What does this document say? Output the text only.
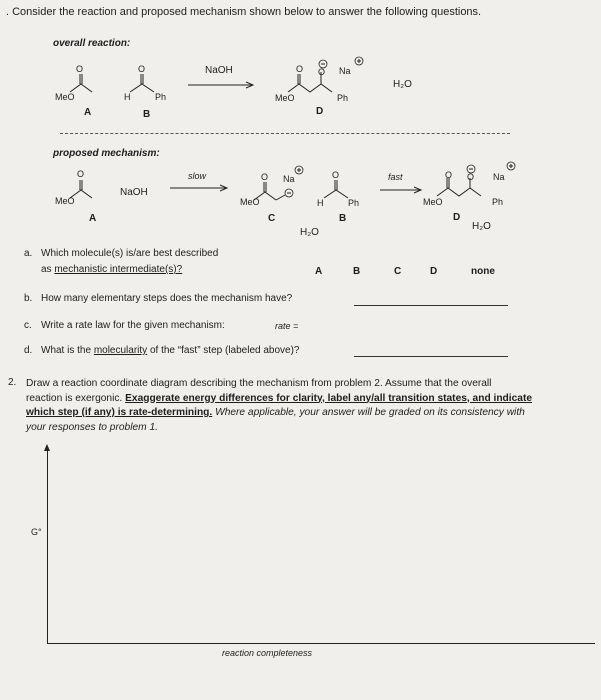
. Consider the reaction and proposed mechanism shown below to answer the following questions.
overall reaction:
O
MeO
A
O
H	Ph
B
NaOH	O O Na
MeO	Ph
D
H₂O
proposed mechanism:
O
MeO
A
NaOH
slow	O Na
MeO
C
O
H	Ph
B
H₂O
fast	O O Na
MeO	Ph
D
H₂O
a. Which molecule(s) is/are best described
as mechanistic intermediate(s)?	A	B	C	D	none
b. How many elementary steps does the mechanism have?
c. Write a rate law for the given mechanism:	rate =
d. What is the molecularity of the “fast” step (labeled above)?
2. Draw a reaction coordinate diagram describing the mechanism from problem 2. Assume that the overall
reaction is exergonic. Exaggerate energy differences for clarity, label any/all transition states, and indicate
which step (if any) is rate-determining. Where applicable, your answer will be graded on its consistency with
your responses to problem 1.
G°
reaction completeness
